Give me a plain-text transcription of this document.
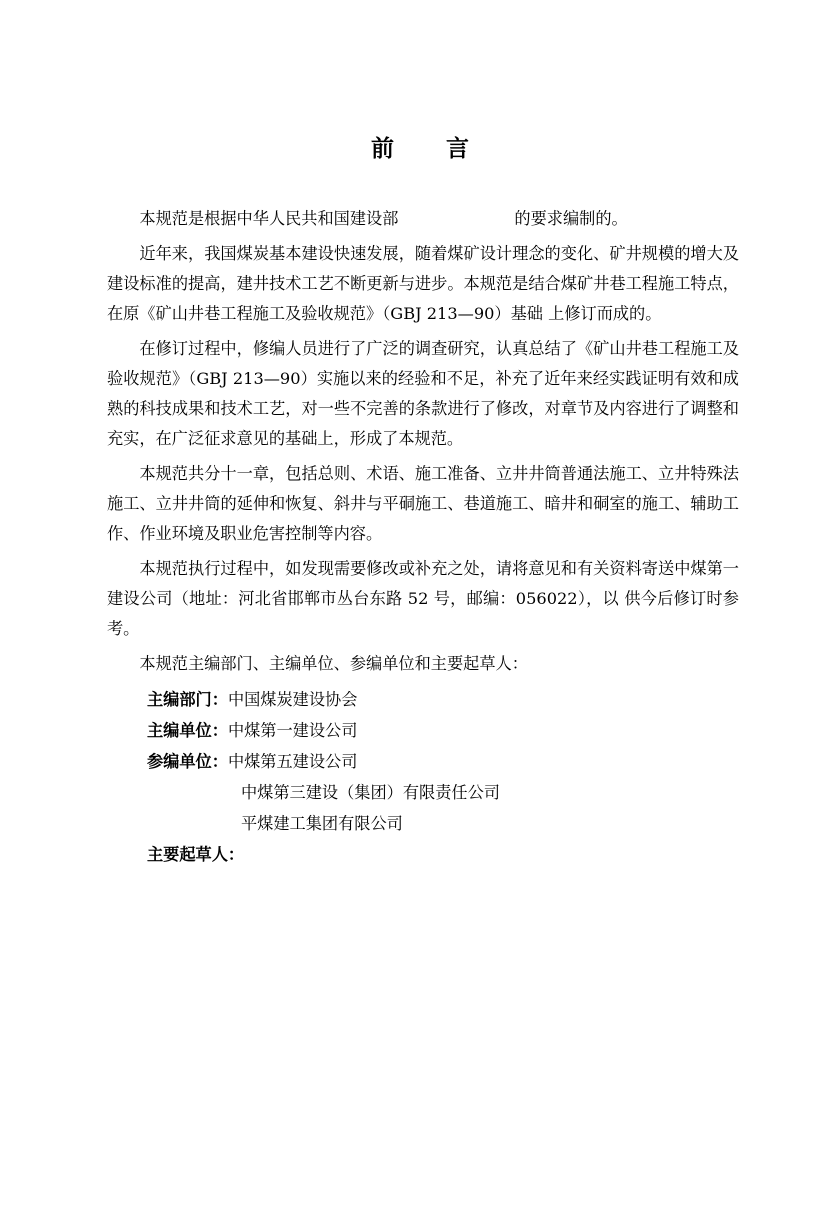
前 言

本规范是根据中华人民共和国建设部	的要求编制的。

近年来，我国煤炭基本建设快速发展，随着煤矿设计理念的变化、矿井规模的增大及建设标准的提高，建井技术工艺不断更新与进步。本规范是结合煤矿井巷工程施工特点，在原《矿山井巷工程施工及验收规范》（GBJ 213—90）基础 上修订而成的。

在修订过程中，修编人员进行了广泛的调查研究，认真总结了《矿山井巷工程施工及验收规范》（GBJ 213—90）实施以来的经验和不足，补充了近年来经实践证明有效和成熟的科技成果和技术工艺，对一些不完善的条款进行了修改，对章节及内容进行了调整和充实，在广泛征求意见的基础上，形成了本规范。

本规范共分十一章，包括总则、术语、施工准备、立井井筒普通法施工、立井特殊法施工、立井井筒的延伸和恢复、斜井与平硐施工、巷道施工、暗井和硐室的施工、辅助工作、作业环境及职业危害控制等内容。

本规范执行过程中，如发现需要修改或补充之处，请将意见和有关资料寄送中煤第一建设公司（地址：河北省邯郸市丛台东路 52 号，邮编：056022），以 供今后修订时参考。

本规范主编部门、主编单位、参编单位和主要起草人：

主编部门：中国煤炭建设协会

主编单位：中煤第一建设公司

参编单位：中煤第五建设公司

中煤第三建设（集团）有限责任公司

平煤建工集团有限公司

主要起草人：
